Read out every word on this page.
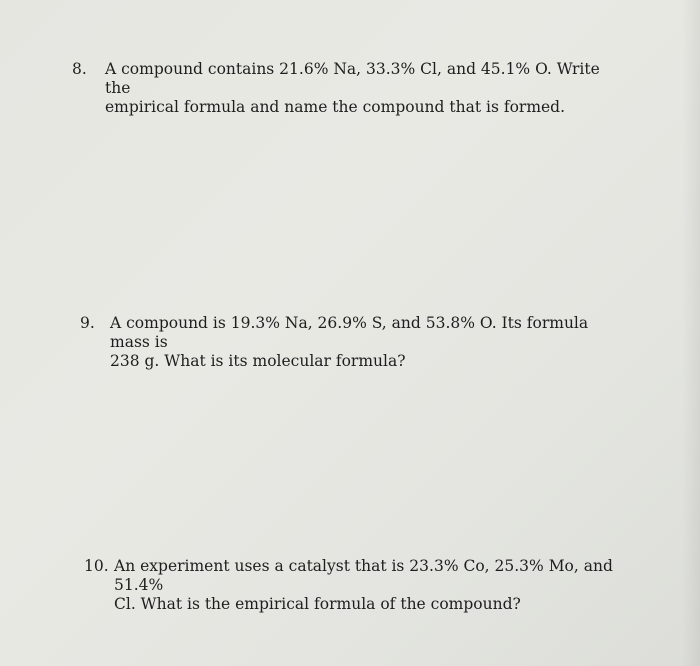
8. A compound contains 21.6% Na, 33.3% Cl, and 45.1% O. Write the
empirical formula and name the compound that is formed.
9. A compound is 19.3% Na, 26.9% S, and 53.8% O. Its formula mass is
238 g. What is its molecular formula?
10. An experiment uses a catalyst that is 23.3% Co, 25.3% Mo, and 51.4%
Cl. What is the empirical formula of the compound?
